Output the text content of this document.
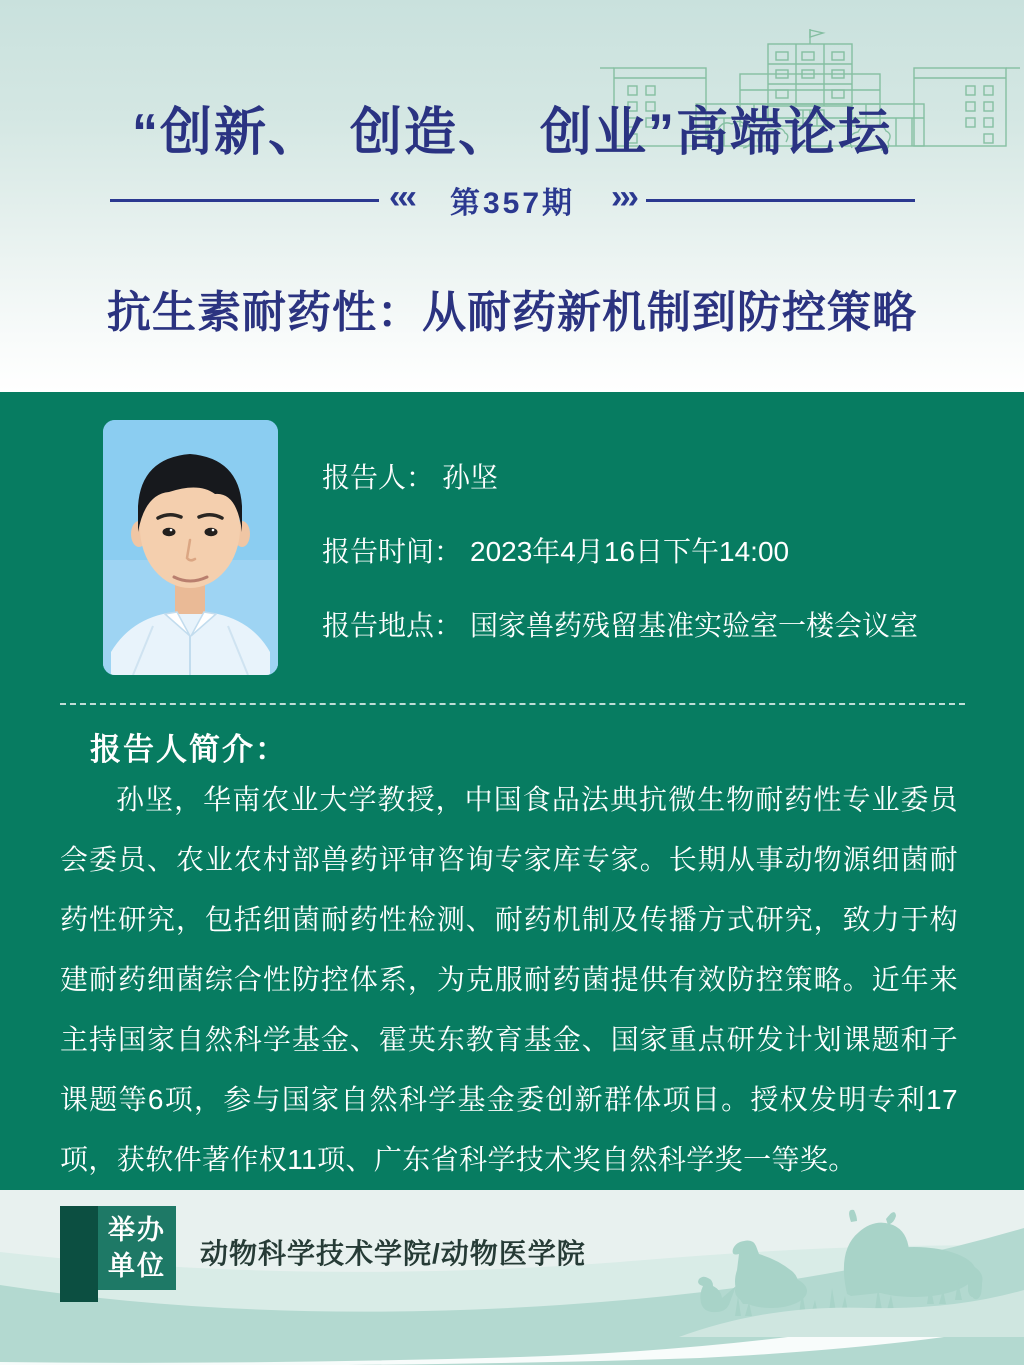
“创新、　创造、　创业”高端论坛
‹‹‹	第357期	›››
抗生素耐药性：从耐药新机制到防控策略
报告人： 孙坚
报告时间： 2023年4月16日下午14:00
报告地点： 国家兽药残留基准实验室一楼会议室
报告人简介：
孙坚，华南农业大学教授，中国食品法典抗微生物耐药性专业委员会委员、农业农村部兽药评审咨询专家库专家。长期从事动物源细菌耐药性研究，包括细菌耐药性检测、耐药机制及传播方式研究，致力于构建耐药细菌综合性防控体系，为克服耐药菌提供有效防控策略。近年来主持国家自然科学基金、霍英东教育基金、国家重点研发计划课题和子课题等6项，参与国家自然科学基金委创新群体项目。授权发明专利17项，获软件著作权11项、广东省科学技术奖自然科学奖一等奖。
举办
单位 动物科学技术学院/动物医学院
